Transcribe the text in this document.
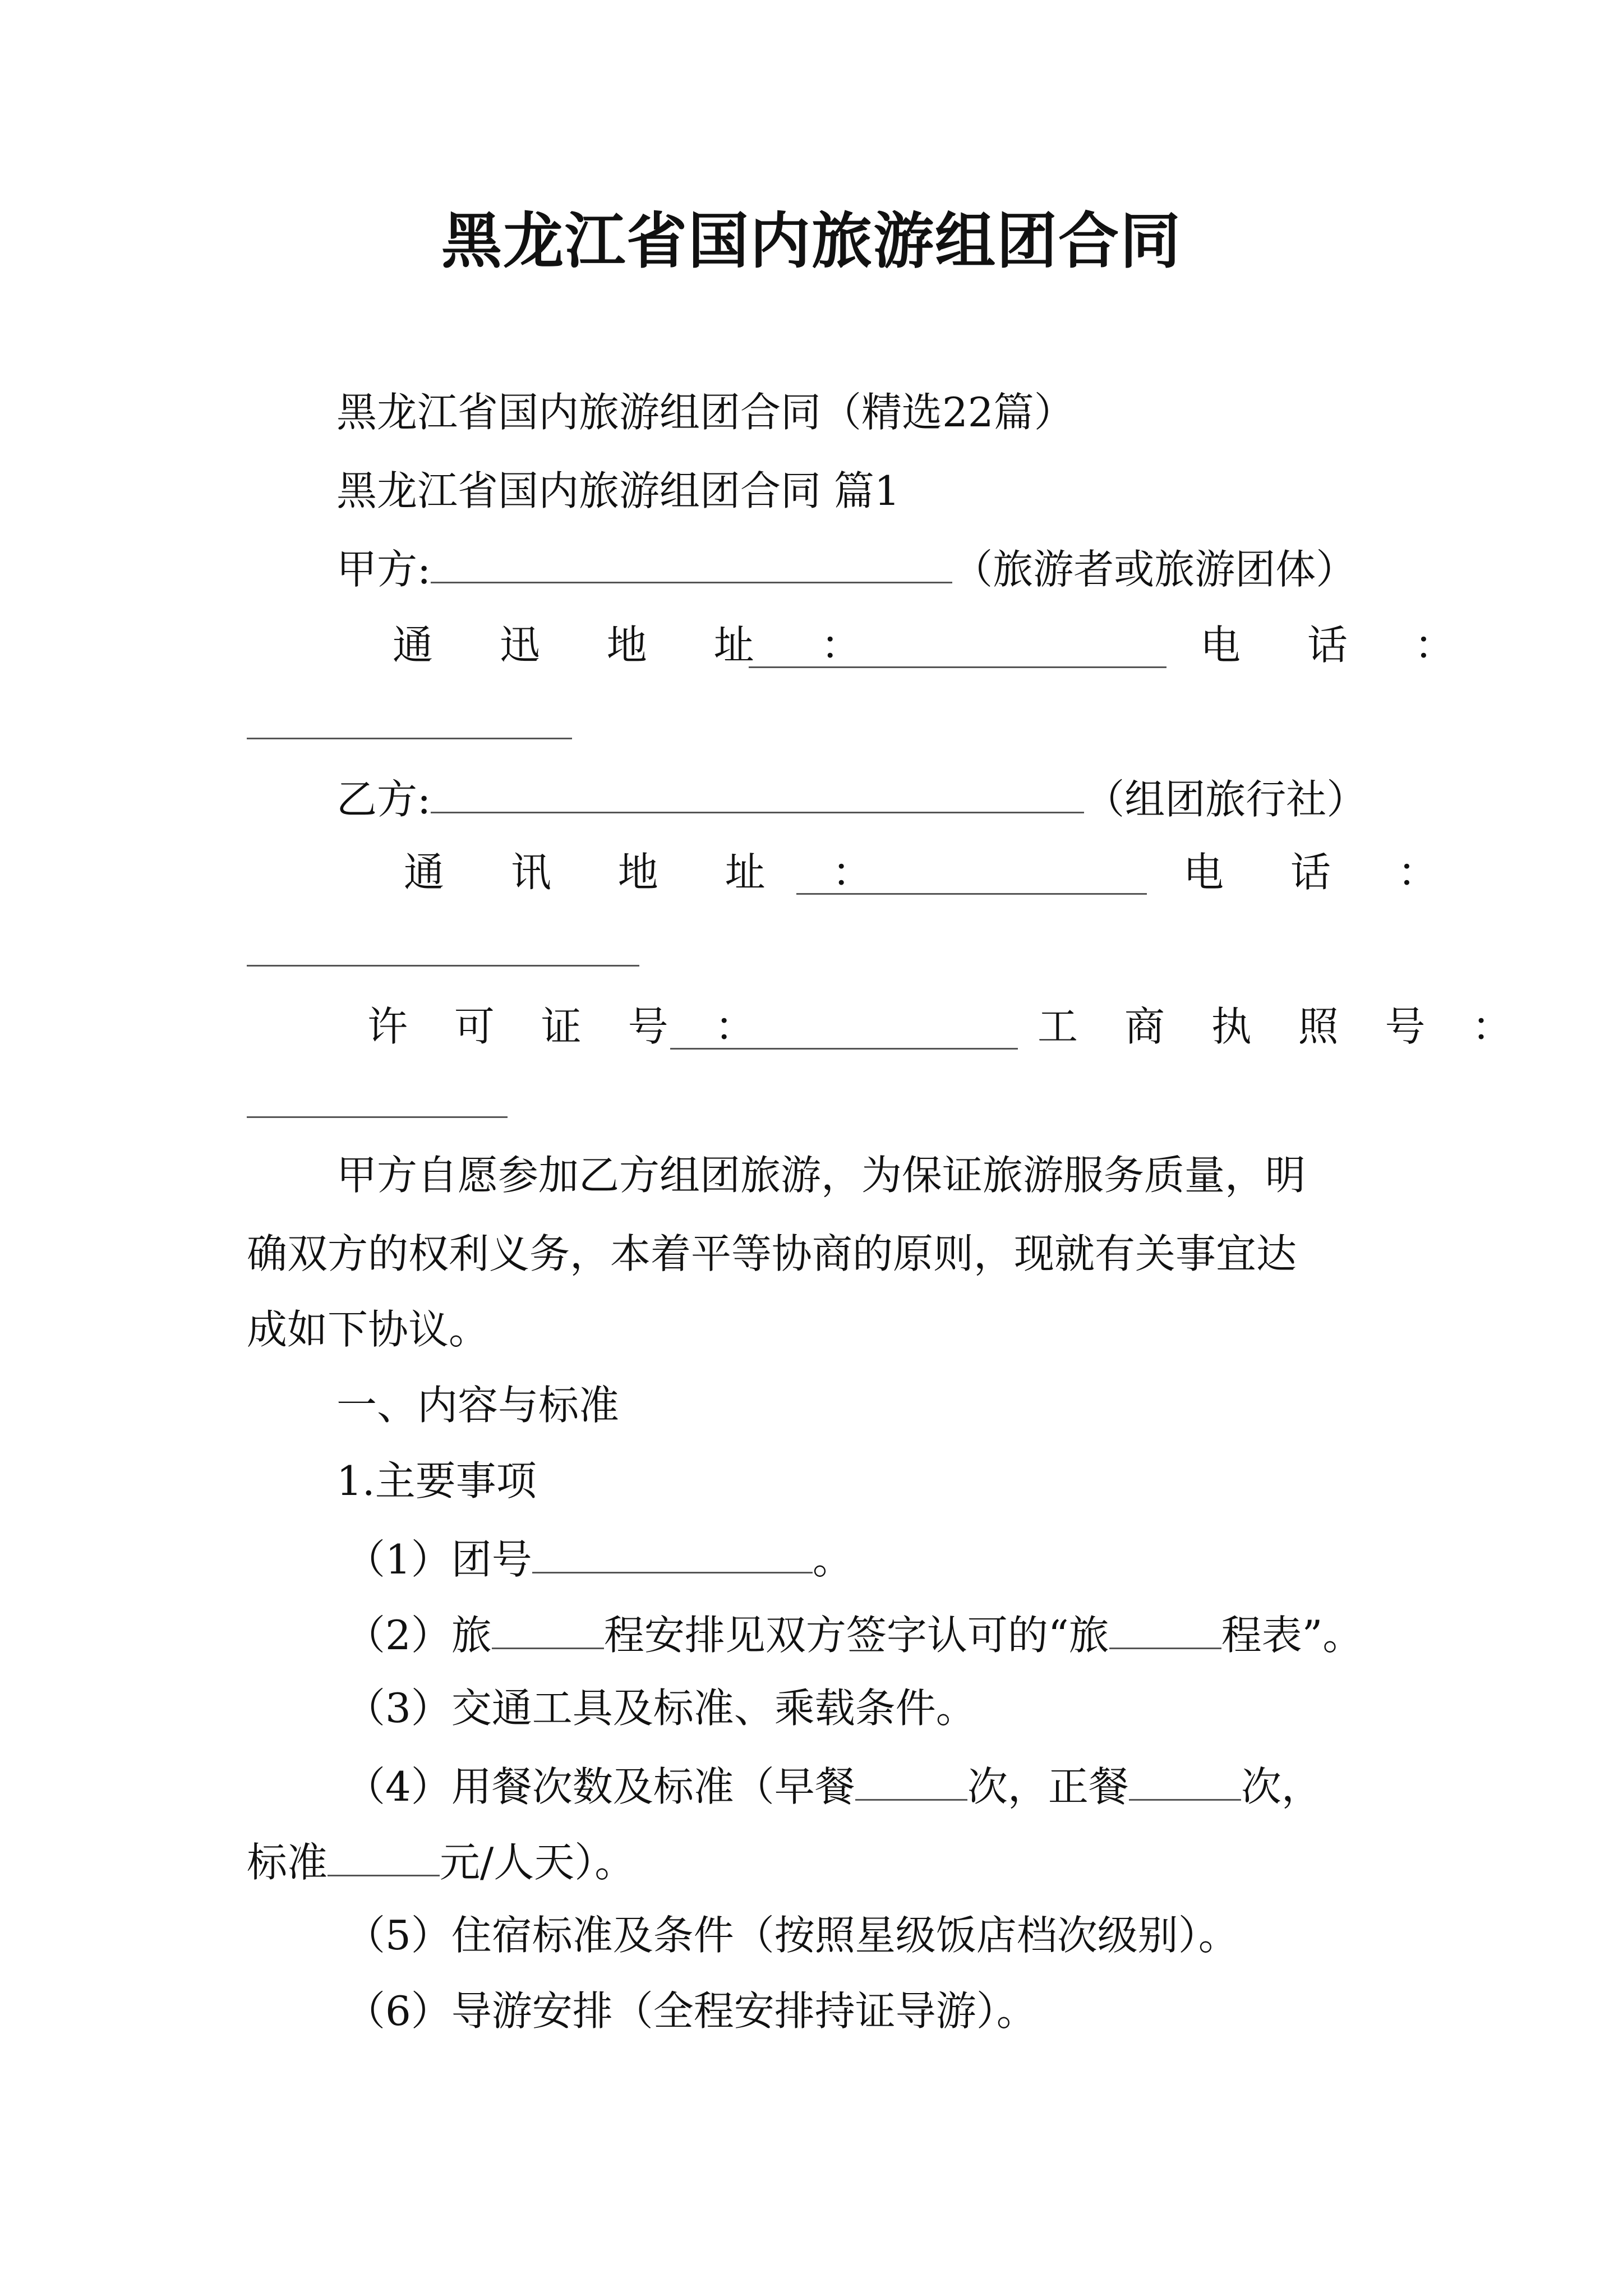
黑龙江省国内旅游组团合同
黑龙江省国内旅游组团合同（精选22篇）
黑龙江省国内旅游组团合同 篇1
甲方:	（旅游者或旅游团体）
通 迅 地 址 ：	电 话 ：
乙方:	（组团旅行社）
通 讯 地 址 ：	电 话 ：
许 可 证 号 ：	工 商 执 照 号 ：
甲方自愿参加乙方组团旅游，为保证旅游服务质量，明
确双方的权利义务，本着平等协商的原则，现就有关事宜达
成如下协议。
一、内容与标准
1.主要事项
（1）团号	。
（2）旅	程安排见双方签字认可的“旅	程表”。
（3）交通工具及标准、乘载条件。
（4）用餐次数及标准（早餐	次，正餐	次，
标准	元/人天）。
（5）住宿标准及条件（按照星级饭店档次级别）。
（6）导游安排（全程安排持证导游）。
